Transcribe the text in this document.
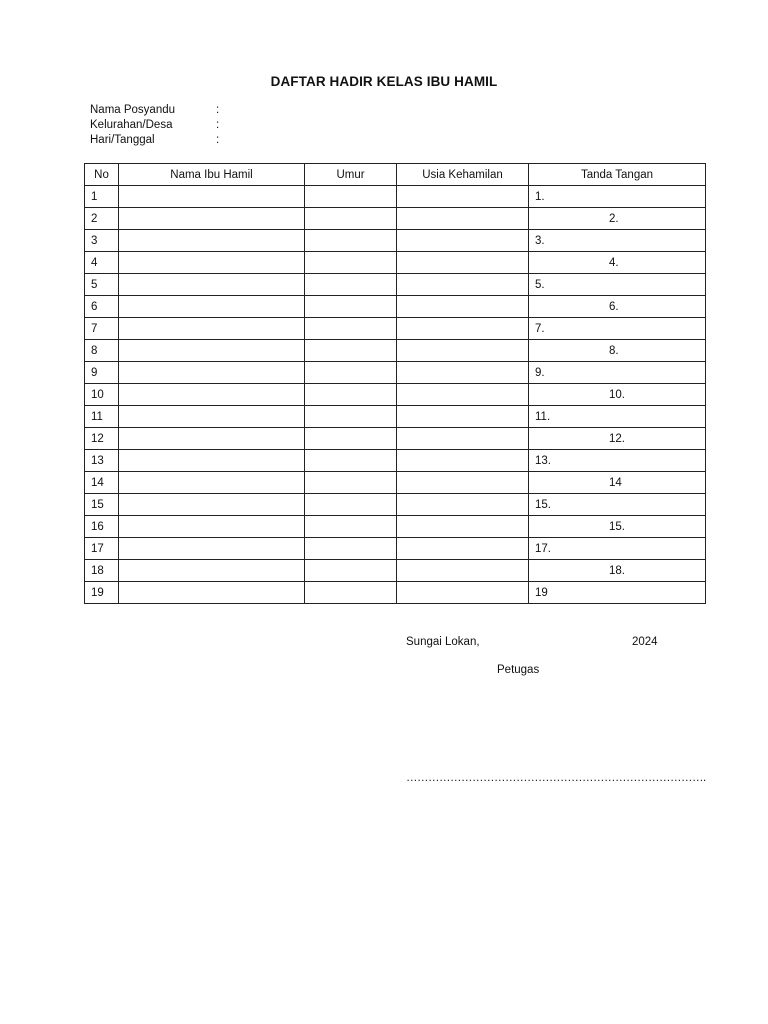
DAFTAR HADIR KELAS IBU HAMIL
Nama Posyandu	:
Kelurahan/Desa	:
Hari/Tanggal	:
No	Nama Ibu Hamil	Umur	Usia Kehamilan	Tanda Tangan
1				1.
2				2.
3				3.
4				4.
5				5.
6				6.
7				7.
8				8.
9				9.
10				10.
11				11.
12				12.
13				13.
14				14
15				15.
16				15.
17				17.
18				18.
19				19
Sungai Lokan,	2024
Petugas
……………………………………………………………………….
